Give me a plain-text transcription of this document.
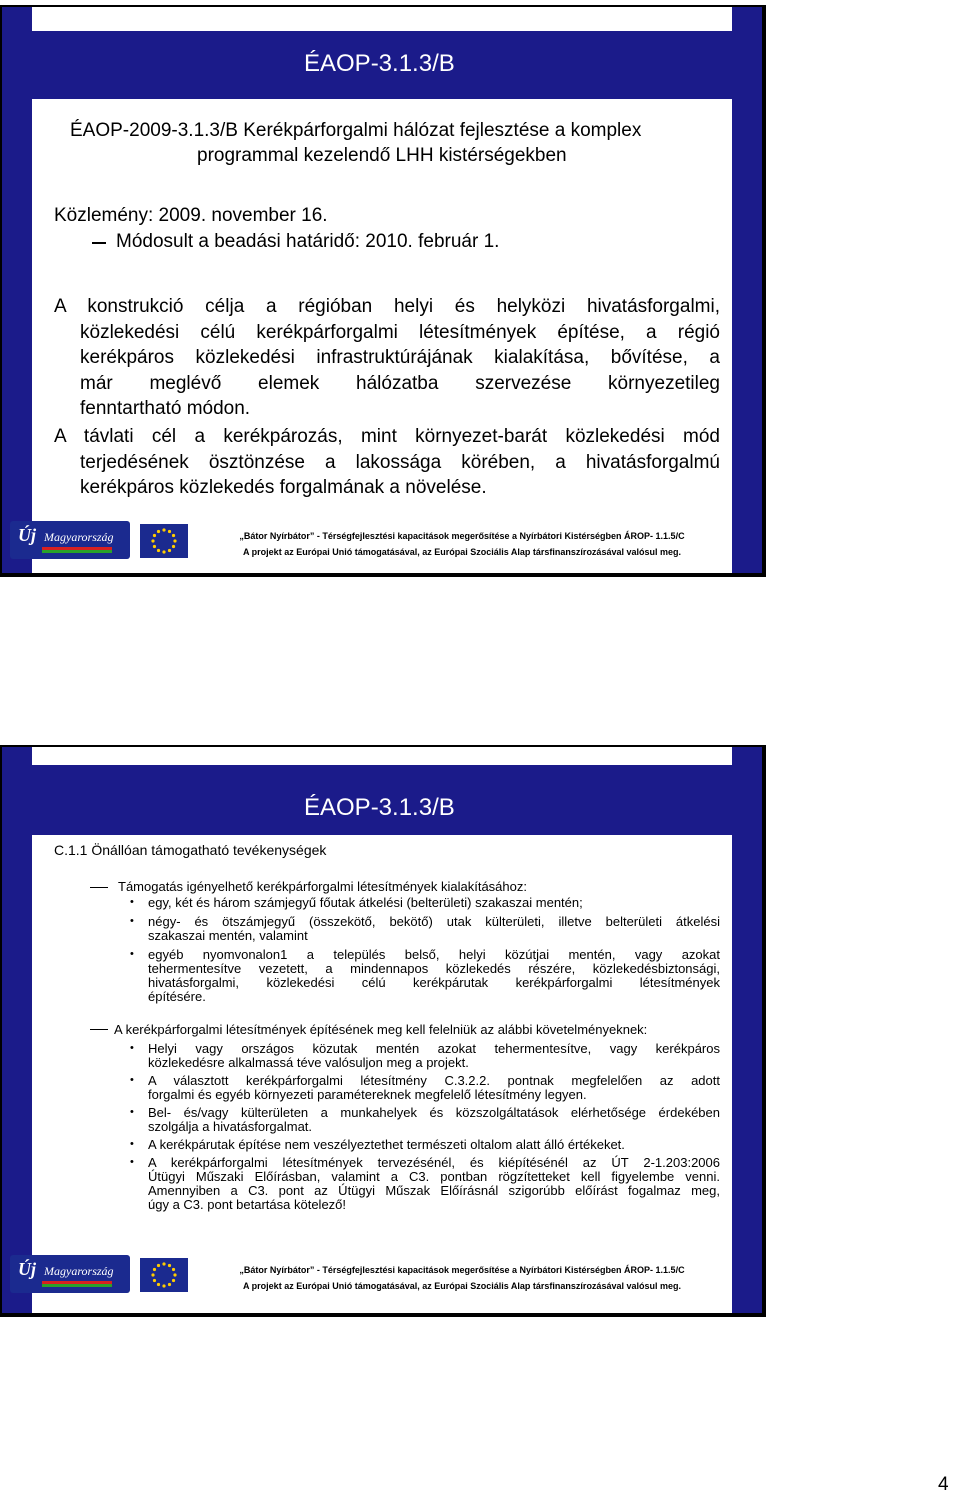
ÉAOP-3.1.3/B

ÉAOP-2009-3.1.3/B Kerékpárforgalmi hálózat fejlesztése a komplex

programmal kezelendő LHH kistérségekben

Közlemény: 2009. november 16.

Módosult a beadási határidő: 2010. február 1.

A konstrukció célja a régióban helyi és helyközi hivatásforgalmi,
közlekedési célú kerékpárforgalmi létesítmények építése, a régió
kerékpáros közlekedési infrastruktúrájának kialakítása, bővítése, a
már meglévő elemek hálózatba szervezése környezetileg
fenntartható módon.
A távlati cél a kerékpározás, mint környezet-barát közlekedési mód
terjedésének ösztönzése a lakossága körében, a hivatásforgalmú
kerékpáros közlekedés forgalmának a növelése.
Új Magyarország	„Bátor Nyírbátor” - Térségfejlesztési kapacitások megerősítése a Nyírbátori Kistérségben ÁROP- 1.1.5/C
A projekt az Európai Unió támogatásával, az Európai Szociális Alap társfinanszírozásával valósul meg.
ÉAOP-3.1.3/B

C.1.1 Önállóan támogatható tevékenységek

Támogatás igényelhető kerékpárforgalmi létesítmények kialakításához:

• egy, két és három számjegyű főutak átkelési (belterületi) szakaszai mentén;
• négy- és ötszámjegyű (összekötő, bekötő) utak külterületi, illetve belterületi átkelési
szakaszai mentén, valamint
• egyéb nyomvonalon1 a település belső, helyi közútjai mentén, vagy azokat
tehermentesítve vezetett, a mindennapos közlekedés részére, közlekedésbiztonsági,
hivatásforgalmi, közlekedési célú kerékpárutak kerékpárforgalmi létesítmények
építésére.

A kerékpárforgalmi létesítmények építésének meg kell felelniük az alábbi követelményeknek:

• Helyi vagy országos közutak mentén azokat tehermentesítve, vagy kerékpáros
közlekedésre alkalmassá téve valósuljon meg a projekt.
• A választott kerékpárforgalmi létesítmény C.3.2.2. pontnak megfelelően az adott
forgalmi és egyéb környezeti paramétereknek megfelelő létesítmény legyen.
• Bel- és/vagy külterületen a munkahelyek és közszolgáltatások elérhetősége érdekében
szolgálja a hivatásforgalmat.
• A kerékpárutak építése nem veszélyeztethet természeti oltalom alatt álló értékeket.
• A kerékpárforgalmi létesítmények tervezésénél, és kiépítésénél az ÚT 2-1.203:2006
Útügyi Műszaki Előírásban, valamint a C3. pontban rögzítetteket kell figyelembe venni.
Amennyiben a C3. pont az Útügyi Műszak Előírásnál szigorúbb előírást fogalmaz meg,
úgy a C3. pont betartása kötelező!
Új Magyarország	„Bátor Nyírbátor” - Térségfejlesztési kapacitások megerősítése a Nyírbátori Kistérségben ÁROP- 1.1.5/C
A projekt az Európai Unió támogatásával, az Európai Szociális Alap társfinanszírozásával valósul meg.
4
